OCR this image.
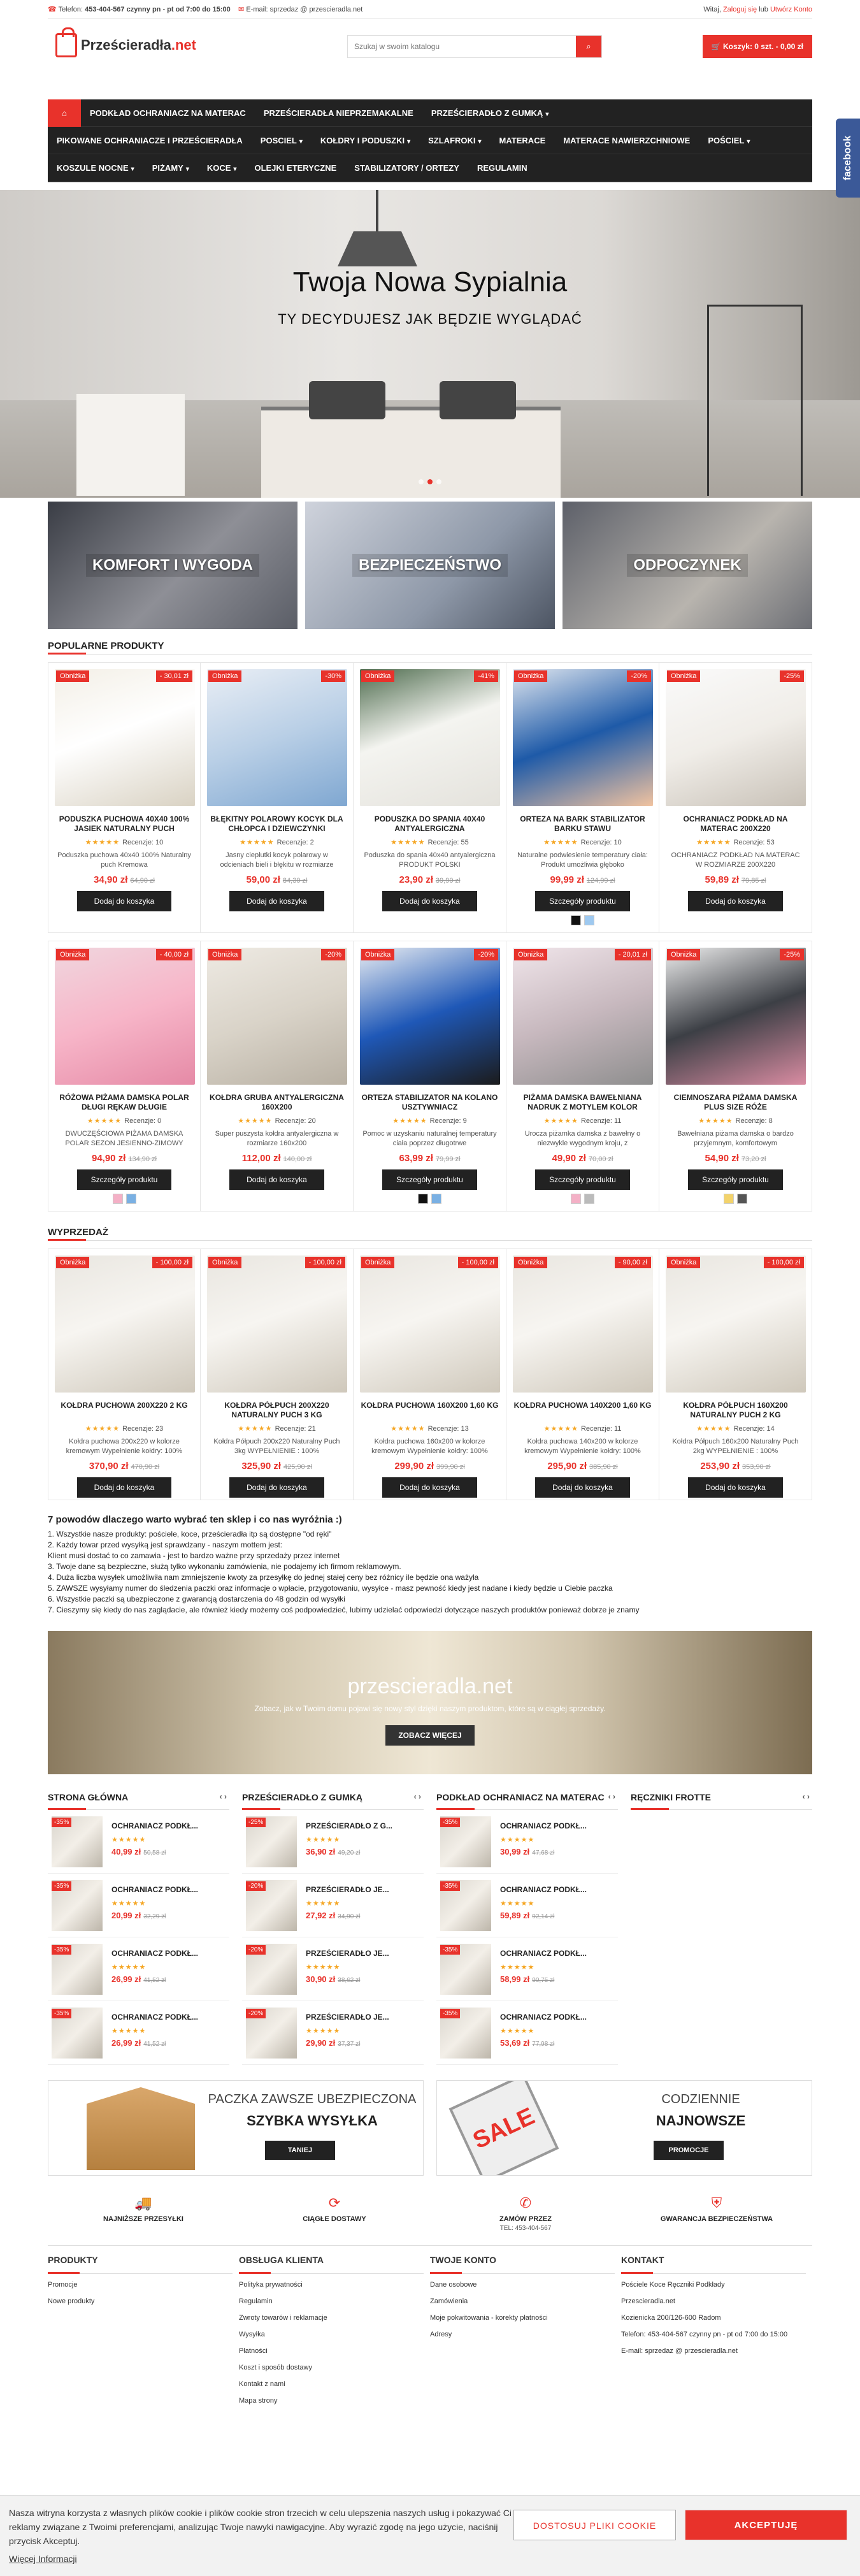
☎ Telefon: 453-404-567 czynny pn - pt od 7:00 do 15:00 ✉ E-mail: sprzedaz @ przescieradla.net	Witaj, Zaloguj się lub Utwórz Konto
Prześcieradła.net
Szukaj w swoim katalogu	⌕	🛒 Koszyk: 0 szt. - 0,00 zł
⌂	PODKŁAD OCHRANIACZ NA MATERAC	PRZEŚCIERADŁA NIEPRZEMAKALNE	PRZEŚCIERADŁO Z GUMKĄ ▾
PIKOWANE OCHRANIACZE I PRZEŚCIERADŁA	POSCIEL ▾	KOŁDRY I PODUSZKI ▾	SZLAFROKI ▾	MATERACE	MATERACE NAWIERZCHNIOWE	POŚCIEL ▾
KOSZULE NOCNE ▾	PIŻAMY ▾	KOCE ▾	OLEJKI ETERYCZNE	STABILIZATORY / ORTEZY	REGULAMIN
Twoja Nowa Sypialnia
TY DECYDUJESZ JAK BĘDZIE WYGLĄDAĆ
KOMFORT I WYGODA	BEZPIECZEŃSTWO	ODPOCZYNEK
POPULARNE PRODUKTY
Obniżka	- 30,01 zł
PODUSZKA PUCHOWA 40X40 100% JASIEK NATURALNY PUCH
★★★★★ Recenzje: 10
Poduszka puchowa 40x40 100% Naturalny puch Kremowa
34,90 zł 64,90 zł
Dodaj do koszyka
Obniżka	-30%
BŁĘKITNY POLAROWY KOCYK DLA CHŁOPCA I DZIEWCZYNKI
★★★★★ Recenzje: 2
Jasny cieplutki kocyk polarowy w odcieniach bieli i błękitu w rozmiarze
59,00 zł 84,30 zł
Dodaj do koszyka
Obniżka	-41%
PODUSZKA DO SPANIA 40X40 ANTYALERGICZNA
★★★★★ Recenzje: 55
Poduszka do spania 40x40 antyalergiczna PRODUKT POLSKI
23,90 zł 39,90 zł
Dodaj do koszyka
Obniżka	-20%
ORTEZA NA BARK STABILIZATOR BARKU STAWU
★★★★★ Recenzje: 10
Naturalne podwiesienie temperatury ciała: Produkt umożliwia głęboko
99,99 zł 124,99 zł
Szczegóły produktu
Obniżka	-25%
OCHRANIACZ PODKŁAD NA MATERAC 200X220
★★★★★ Recenzje: 53
OCHRANIACZ PODKŁAD NA MATERAC W ROZMIARZE 200X220
59,89 zł 79,85 zł
Dodaj do koszyka
Obniżka	- 40,00 zł
RÓŻOWA PIŻAMA DAMSKA POLAR DŁUGI RĘKAW DŁUGIE
★★★★★ Recenzje: 0
DWUCZĘŚCIOWA PIŻAMA DAMSKA POLAR SEZON JESIENNO-ZIMOWY
94,90 zł 134,90 zł
Szczegóły produktu
Obniżka	-20%
KOŁDRA GRUBA ANTYALERGICZNA 160X200
★★★★★ Recenzje: 20
Super puszysta kołdra antyalergiczna w rozmiarze 160x200
112,00 zł 140,00 zł
Dodaj do koszyka
Obniżka	-20%
ORTEZA STABILIZATOR NA KOLANO USZTYWNIACZ
★★★★★ Recenzje: 9
Pomoc w uzyskaniu naturalnej temperatury ciała poprzez długotrwe
63,99 zł 79,99 zł
Szczegóły produktu
Obniżka	- 20,01 zł
PIŻAMA DAMSKA BAWEŁNIANA NADRUK Z MOTYLEM KOLOR
★★★★★ Recenzje: 11
Urocza piżamka damska z bawełny o niezwykle wygodnym kroju, z
49,90 zł 70,00 zł
Szczegóły produktu
Obniżka	-25%
CIEMNOSZARA PIŻAMA DAMSKA PLUS SIZE RÓŻE
★★★★★ Recenzje: 8
Bawełniana piżama damska o bardzo przyjemnym, komfortowym
54,90 zł 73,20 zł
Szczegóły produktu
WYPRZEDAŻ
Obniżka	- 100,00 zł
KOŁDRA PUCHOWA 200X220 2 KG
★★★★★ Recenzje: 23
Kołdra puchowa 200x220 w kolorze kremowym Wypełnienie kołdry: 100%
370,90 zł 470,90 zł
Dodaj do koszyka
Obniżka	- 100,00 zł
KOŁDRA PÓŁPUCH 200X220 NATURALNY PUCH 3 KG
★★★★★ Recenzje: 21
Kołdra Półpuch 200x220 Naturalny Puch 3kg WYPEŁNIENIE : 100%
325,90 zł 425,90 zł
Dodaj do koszyka
Obniżka	- 100,00 zł
KOŁDRA PUCHOWA 160X200 1,60 KG
★★★★★ Recenzje: 13
Kołdra puchowa 160x200 w kolorze kremowym Wypełnienie kołdry: 100%
299,90 zł 399,90 zł
Dodaj do koszyka
Obniżka	- 90,00 zł
KOŁDRA PUCHOWA 140X200 1,60 KG
★★★★★ Recenzje: 11
Kołdra puchowa 140x200 w kolorze kremowym Wypełnienie kołdry: 100%
295,90 zł 385,90 zł
Dodaj do koszyka
Obniżka	- 100,00 zł
KOŁDRA PÓŁPUCH 160X200 NATURALNY PUCH 2 KG
★★★★★ Recenzje: 14
Kołdra Półpuch 160x200 Naturalny Puch 2kg WYPEŁNIENIE : 100%
253,90 zł 353,90 zł
Dodaj do koszyka
7 powodów dlaczego warto wybrać ten sklep i co nas wyróżnia :)
1. Wszystkie nasze produkty: pościele, koce, prześcieradła itp są dostępne "od ręki"
2. Każdy towar przed wysyłką jest sprawdzany - naszym mottem jest:
Klient musi dostać to co zamawia - jest to bardzo ważne przy sprzedaży przez internet
3. Twoje dane są bezpieczne, służą tylko wykonaniu zamówienia, nie podajemy ich firmom reklamowym.
4. Duża liczba wysyłek umożliwiła nam zmniejszenie kwoty za przesyłkę do jednej stałej ceny bez różnicy ile będzie ona ważyła
5. ZAWSZE wysyłamy numer do śledzenia paczki oraz informacje o wpłacie, przygotowaniu, wysyłce - masz pewność kiedy jest nadane i kiedy będzie u Ciebie paczka
6. Wszystkie paczki są ubezpieczone z gwarancją dostarczenia do 48 godzin od wysyłki
7. Cieszymy się kiedy do nas zaglądacie, ale również kiedy możemy coś podpowiedzieć, lubimy udzielać odpowiedzi dotyczące naszych produktów ponieważ dobrze je znamy
przescieradla.net
Zobacz, jak w Twoim domu pojawi się nowy styl dzięki naszym produktom, które są w ciągłej sprzedaży.
ZOBACZ WIĘCEJ
STRONA GŁÓWNA	‹ ›
-35%	OCHRANIACZ PODKŁ...
★★★★★
40,99 zł 50,58 zł
-35%	OCHRANIACZ PODKŁ...
★★★★★
20,99 zł 32,29 zł
-35%	OCHRANIACZ PODKŁ...
★★★★★
26,99 zł 41,52 zł
-35%	OCHRANIACZ PODKŁ...
★★★★★
26,99 zł 41,52 zł
PRZEŚCIERADŁO Z GUMKĄ	‹ ›
-25%	PRZEŚCIERADŁO Z G...
★★★★★
36,90 zł 49,20 zł
-20%	PRZEŚCIERADŁO JE...
★★★★★
27,92 zł 34,90 zł
-20%	PRZEŚCIERADŁO JE...
★★★★★
30,90 zł 38,62 zł
-20%	PRZEŚCIERADŁO JE...
★★★★★
29,90 zł 37,37 zł
PODKŁAD OCHRANIACZ NA MATERAC ‹ ›
-35%	OCHRANIACZ PODKŁ...
★★★★★
30,99 zł 47,68 zł
-35%	OCHRANIACZ PODKŁ...
★★★★★
59,89 zł 92,14 zł
-35%	OCHRANIACZ PODKŁ...
★★★★★
58,99 zł 90,75 zł
-35%	OCHRANIACZ PODKŁ...
★★★★★
53,69 zł 77,98 zł
RĘCZNIKI FROTTE	‹ ›
PACZKA ZAWSZE UBEZPIECZONA
SZYBKA WYSYŁKA
TANIEJ	SALE
CODZIENNIE
NAJNOWSZE
PROMOCJE
🚚
NAJNIŻSZE PRZESYŁKI
⟳
CIĄGŁE DOSTAWY
✆
ZAMÓW PRZEZ
TEL: 453-404-567
⛨
GWARANCJA BEZPIECZEŃSTWA
PRODUKTY
Promocje
Nowe produkty
OBSŁUGA KLIENTA
Polityka prywatności
Regulamin
Zwroty towarów i reklamacje
Wysyłka
Płatności
Koszt i sposób dostawy
Kontakt z nami
Mapa strony
TWOJE KONTO
Dane osobowe
Zamówienia
Moje pokwitowania - korekty płatności
Adresy
KONTAKT
Pościele Koce Ręczniki Podkłady
Przescieradla.net
Kozienicka 200/126-600 Radom
Telefon: 453-404-567 czynny pn - pt od 7:00 do 15:00
E-mail: sprzedaz @ przescieradla.net
facebook
Nasza witryna korzysta z własnych plików cookie i plików cookie stron trzecich w celu ulepszenia naszych usług i pokazywać Ci reklamy związane z Twoimi preferencjami, analizując Twoje nawyki nawigacyjne. Aby wyrazić zgodę na jego użycie, naciśnij przycisk Akceptuj.
Więcej Informacji
DOSTOSUJ PLIKI COOKIE	AKCEPTUJĘ
